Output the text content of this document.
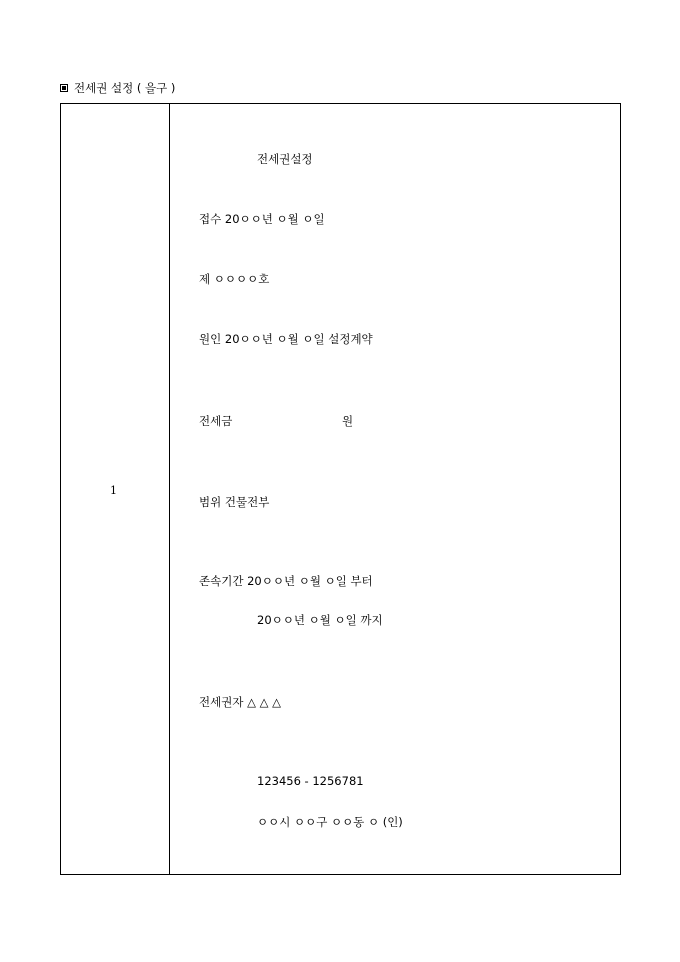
전세권 설정 ( 을구 )
1
전세권설정
접수 20ㅇㅇ년 ㅇ월 ㅇ일
제 ㅇㅇㅇㅇ호
원인 20ㅇㅇ년 ㅇ월 ㅇ일 설정계약
전세금	원
범위 건물전부
존속기간 20ㅇㅇ년 ㅇ월 ㅇ일 부터
20ㅇㅇ년 ㅇ월 ㅇ일 까지
전세권자 △ △ △
123456 - 1256781
ㅇㅇ시 ㅇㅇ구 ㅇㅇ동 ㅇ (인)
